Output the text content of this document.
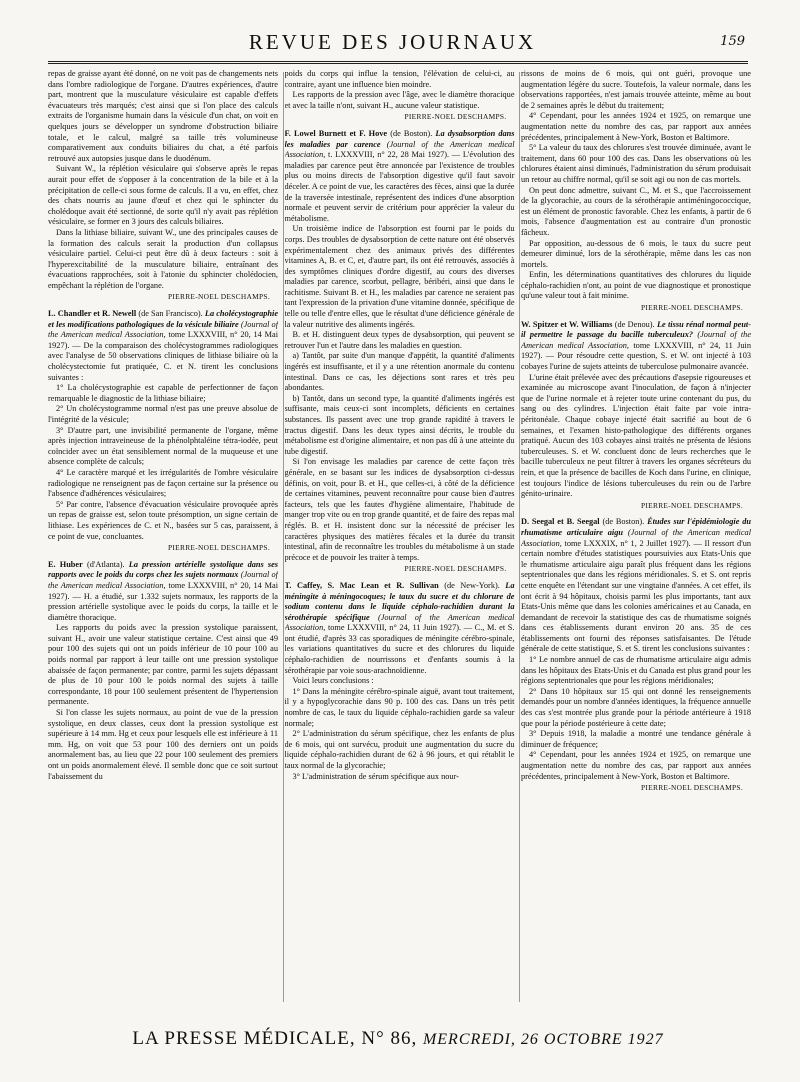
REVUE DES JOURNAUX	159

repas de graisse ayant été donné, on ne voit pas de changements nets dans l'ombre radiologique de l'organe. D'autres expériences, d'autre part, montrent que la musculature vésiculaire est capable d'effets évacuateurs très marqués; c'est ainsi que si l'on place des calculs extraits de l'organisme humain dans la vésicule d'un chat, on voit en quelques jours se développer un syndrome d'obstruction biliaire totale, et le calcul, malgré sa taille très volumineuse comparativement aux conduits biliaires du chat, a été parfois retrouvé aux autopsies jusque dans le duodénum.

Suivant W., la réplétion vésiculaire qui s'observe après le repas aurait pour effet de s'opposer à la concentration de la bile et à la précipitation de celle-ci sous forme de calculs. Il a vu, en effet, chez des chats nourris au jaune d'œuf et chez qui le sphincter du cholédoque avait été sectionné, de sorte qu'il n'y avait pas réplétion vésiculaire, se former en 3 jours des calculs biliaires.

Dans la lithiase biliaire, suivant W., une des principales causes de la formation des calculs serait la production d'un collapsus vésiculaire partiel. Celui-ci peut être dû à deux facteurs : soit à l'hyperexcitabilité de la musculature biliaire, entraînant des évacuations rapprochées, soit à l'atonie du sphincter cholédocien, empêchant la réplétion de l'organe.

PIERRE-NOEL DESCHAMPS.

L. Chandler et R. Newell (de San Francisco). La cholécystographie et les modifications pathologiques de la vésicule biliaire (Journal of the American medical Association, tome LXXXVIII, n° 20, 14 Mai 1927). — De la comparaison des cholécystogrammes radiologiques avec l'analyse de 50 observations cliniques de lithiase biliaire où la cholécystectomie fut pratiquée, C. et N. tirent les conclusions suivantes :

1° La cholécystographie est capable de perfectionner de façon remarquable le diagnostic de la lithiase biliaire;

2° Un cholécystogramme normal n'est pas une preuve absolue de l'intégrité de la vésicule;

3° D'autre part, une invisibilité permanente de l'organe, même après injection intraveineuse de la phénolphtaléine tétra-iodée, peut coïncider avec un état sensiblement normal de la muqueuse et une absence complète de calculs;

4° Le caractère marqué et les irrégularités de l'ombre vésiculaire radiologique ne renseignent pas de façon certaine sur la présence ou l'absence d'adhérences vésiculaires;

5° Par contre, l'absence d'évacuation vésiculaire provoquée après un repas de graisse est, selon toute présomption, un signe certain de lithiase. Les expériences de C. et N., basées sur 5 cas, paraissent, à ce point de vue, concluantes.

PIERRE-NOEL DESCHAMPS.

E. Huber (d'Atlanta). La pression artérielle systolique dans ses rapports avec le poids du corps chez les sujets normaux (Journal of the American medical Association, tome LXXXVIII, n° 20, 14 Mai 1927). — H. a étudié, sur 1.332 sujets normaux, les rapports de la pression artérielle systolique avec le poids du corps, la taille et le diamètre thoracique.

Les rapports du poids avec la pression systolique paraissent, suivant H., avoir une valeur statistique certaine. C'est ainsi que 49 pour 100 des sujets qui ont un poids inférieur de 10 pour 100 au poids normal par rapport à leur taille ont une pression systolique abaissée de façon permanente; par contre, parmi les sujets dépassant de plus de 10 pour 100 le poids normal des sujets à taille correspondante, 18 pour 100 seulement présentent de l'hypertension permanente.

Si l'on classe les sujets normaux, au point de vue de la pression systolique, en deux classes, ceux dont la pression systolique est supérieure à 14 mm. Hg et ceux pour lesquels elle est inférieure à 11 mm. Hg, on voit que 53 pour 100 des derniers ont un poids anormalement bas, au lieu que 22 pour 100 seulement des premiers ont un poids anormalement élevé. Il semble donc que ce soit surtout l'abaissement du

poids du corps qui influe la tension, l'élévation de celui-ci, au contraire, ayant une influence bien moindre.

Les rapports de la pression avec l'âge, avec le diamètre thoracique et avec la taille n'ont, suivant H., aucune valeur statistique.

PIERRE-NOEL DESCHAMPS.

F. Lowel Burnett et F. Hove (de Boston). La dysabsorption dans les maladies par carence (Journal of the American medical Association, t. LXXXVIII, n° 22, 28 Mai 1927). — L'évolution des maladies par carence peut être annoncée par l'existence de troubles plus ou moins directs de l'absorption digestive qu'il faut savoir déceler. A ce point de vue, les caractères des fèces, ainsi que la durée de la traversée intestinale, représentent des indices d'une absorption normale et peuvent servir de critérium pour apprécier la valeur du métabolisme.

Un troisième indice de l'absorption est fourni par le poids du corps. Des troubles de dysabsorption de cette nature ont été observés expérimentalement chez des animaux privés des différentes vitamines A, B. et C, et, d'autre part, ils ont été retrouvés, associés à des symptômes cliniques d'ordre digestif, au cours des diverses maladies par carence, scorbut, pellagre, béribéri, ainsi que dans le rachitisme. Suivant B. et H., les maladies par carence ne seraient pas tant l'expression de la privation d'une vitamine donnée, spécifique de telle ou telle d'entre elles, que le résultat d'une déficience générale de la valeur nutritive des aliments ingérés.

B. et H. distinguent deux types de dysabsorption, qui peuvent se retrouver l'un et l'autre dans les maladies en question.

a) Tantôt, par suite d'un manque d'appétit, la quantité d'aliments ingérés est insuffisante, et il y a une rétention anormale du contenu intestinal. Dans ce cas, les déjections sont rares et très peu abondantes.

b) Tantôt, dans un second type, la quantité d'aliments ingérés est suffisante, mais ceux-ci sont incomplets, déficients en certaines substances. Ils passent avec une trop grande rapidité à travers le tractus digestif. Dans les deux types ainsi décrits, le trouble du métabolisme est d'origine alimentaire, et non pas dû à une atteinte du tube digestif.

Si l'on envisage les maladies par carence de cette façon très générale, en se basant sur les indices de dysabsorption ci-dessus définis, on voit, pour B. et H., que celles-ci, à côté de la déficience de certaines vitamines, peuvent reconnaître pour cause bien d'autres facteurs, tels que les fautes d'hygiène alimentaire, l'habitude de manger trop vite ou en trop grande quantité, et de faire des repas mal réglés. B. et H. insistent donc sur la nécessité de préciser les caractères physiques des matières fécales et la durée du transit intestinal, afin de reconnaître les troubles du métabolisme à un stade précoce et de pouvoir les traiter à temps.

PIERRE-NOEL DESCHAMPS.

T. Caffey, S. Mac Lean et R. Sullivan (de New-York). La méningite à méningocoques; le taux du sucre et du chlorure de sodium contenu dans le liquide céphalo-rachidien durant la sérothérapie spécifique (Journal of the American medical Association, tome LXXXVIII, n° 24, 11 Juin 1927). — C., M. et S. ont étudié, d'après 33 cas sporadiques de méningite cérébro-spinale, les variations quantitatives du sucre et des chlorures du liquide céphalo-rachidien de nourrissons et d'enfants soumis à la sérothérapie par voie sous-arachnoïdienne.

Voici leurs conclusions :

1° Dans la méningite cérébro-spinale aiguë, avant tout traitement, il y a hypoglycorachie dans 90 p. 100 des cas. Dans un très petit nombre de cas, le taux du liquide céphalo-rachidien garde sa valeur normale;

2° L'administration du sérum spécifique, chez les enfants de plus de 6 mois, qui ont survécu, produit une augmentation du sucre du liquide céphalo-rachidien durant de 62 à 96 jours, et qui rétablit le taux normal de la glycorachie;

3° L'administration de sérum spécifique aux nour-

rissons de moins de 6 mois, qui ont guéri, provoque une augmentation légère du sucre. Toutefois, la valeur normale, dans les observations rapportées, n'est jamais trouvée atteinte, même au bout de 2 semaines après le début du traitement;

4° Cependant, pour les années 1924 et 1925, on remarque une augmentation nette du nombre des cas, par rapport aux années précédentes, principalement à New-York, Boston et Baltimore.

5° La valeur du taux des chlorures s'est trouvée diminuée, avant le traitement, dans 60 pour 100 des cas. Dans les observations où les chlorures étaient ainsi diminués, l'administration du sérum produisait un retour au chiffre normal, qu'il se soit agi ou non de cas mortels.

On peut donc admettre, suivant C., M. et S., que l'accroissement de la glycorachie, au cours de la sérothérapie antiméningococcique, est un élément de pronostic favorable. Chez les enfants, à partir de 6 mois, l'absence d'augmentation est au contraire d'un pronostic fâcheux.

Par opposition, au-dessous de 6 mois, le taux du sucre peut demeurer diminué, lors de la sérothérapie, même dans les cas non mortels.

Enfin, les déterminations quantitatives des chlorures du liquide céphalo-rachidien n'ont, au point de vue diagnostique et pronostique qu'une valeur tout à fait minime.

PIERRE-NOEL DESCHAMPS.

W. Spitzer et W. Williams (de Denou). Le tissu rénal normal peut-il permettre le passage du bacille tuberculeux? (Journal of the American medical Association, tome LXXXVIII, n° 24, 11 Juin 1927). — Pour résoudre cette question, S. et W. ont injecté à 103 cobayes l'urine de sujets atteints de tuberculose pulmonaire avancée.

L'urine était prélevée avec des précautions d'asepsie rigoureuses et examinée au microscope avant l'inoculation, de façon à n'injecter que de l'urine normale et à rejeter toute urine contenant du pus, du sang ou des cylindres. L'injection était faite par voie intra-péritonéale. Chaque cobaye injecté était sacrifié au bout de 6 semaines, et l'examen histo-pathologique des différents organes pratiqué. Aucun des 103 cobayes ainsi traités ne présenta de lésions tuberculeuses. S. et W. concluent donc de leurs recherches que le bacille tuberculeux ne peut filtrer à travers les organes sécréteurs du rein, et que la présence de bacilles de Koch dans l'urine, en clinique, est toujours l'indice de lésions tuberculeuses du rein ou de l'arbre génito-urinaire.

PIERRE-NOEL DESCHAMPS.

D. Seegal et B. Seegal (de Boston). Études sur l'épidémiologie du rhumatisme articulaire aigu (Journal of the American medical Association, tome LXXXIX, n° 1, 2 Juillet 1927). — Il ressort d'un certain nombre d'études statistiques poursuivies aux Etats-Unis que le rhumatisme articulaire aigu paraît plus fréquent dans les régions septentrionales que dans les régions méridionales. S. et S. ont repris cette enquête en l'étendant sur une vingtaine d'années. A cet effet, ils ont écrit à 94 hôpitaux, choisis parmi les plus importants, tant aux Etats-Unis même que dans les colonies américaines et au Canada, en demandant de recevoir la statistique des cas de rhumatisme soignés dans ces établissements durant environ 20 ans. 35 de ces établissements ont fourni des réponses satisfaisantes. De l'étude générale de cette statistique, S. et S. tirent les conclusions suivantes :

1° Le nombre annuel de cas de rhumatisme articulaire aigu admis dans les hôpitaux des Etats-Unis et du Canada est plus grand pour les régions septentrionales que pour les régions méridionales;

2° Dans 10 hôpitaux sur 15 qui ont donné les renseignements demandés pour un nombre d'années identiques, la fréquence annuelle des cas s'est montrée plus grande pour la période antérieure à 1918 que pour la période postérieure à cette date;

3° Depuis 1918, la maladie a montré une tendance générale à diminuer de fréquence;

4° Cependant, pour les années 1924 et 1925, on remarque une augmentation nette du nombre des cas, par rapport aux années précédentes, principalement à New-York, Boston et Baltimore.

PIERRE-NOEL DESCHAMPS.

LA PRESSE MÉDICALE, N° 86, MERCREDI, 26 OCTOBRE 1927
